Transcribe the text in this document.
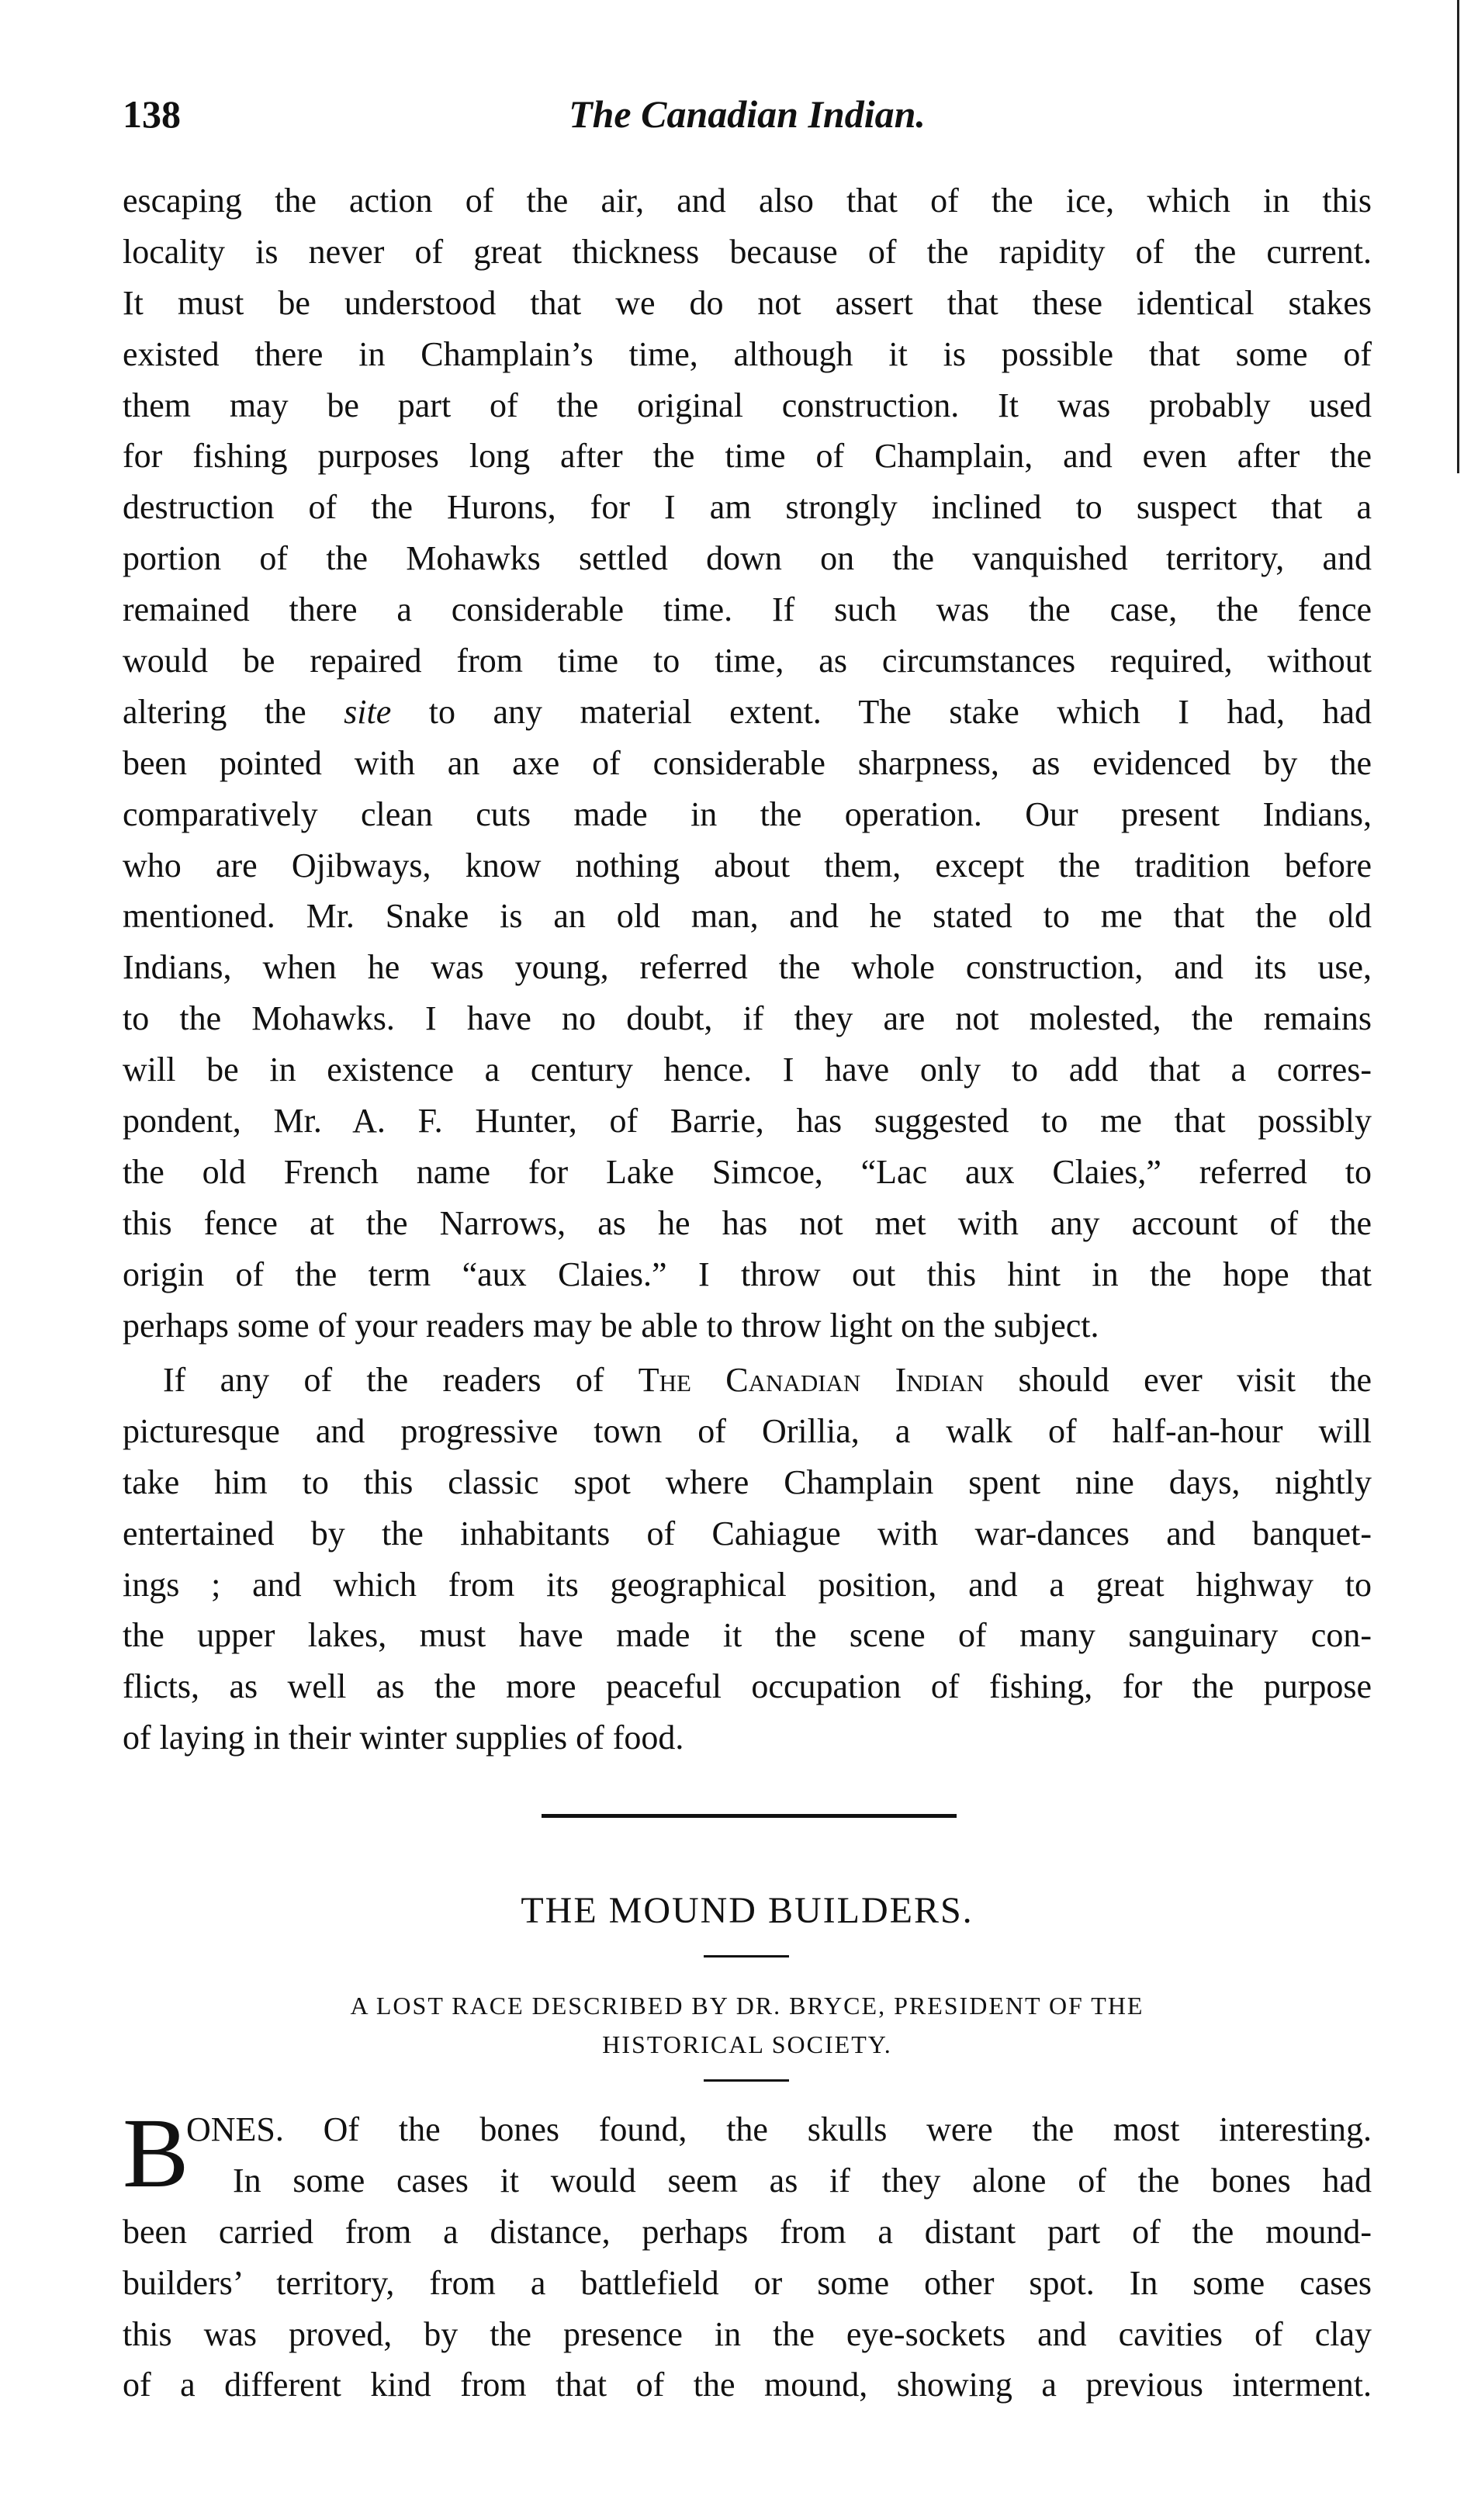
138	The Canadian Indian.
escaping the action of the air, and also that of the ice, which in this
locality is never of great thickness because of the rapidity of the current.
It must be understood that we do not assert that these identical stakes
existed there in Champlain’s time, although it is possible that some of
them may be part of the original construction. It was probably used
for fishing purposes long after the time of Champlain, and even after the
destruction of the Hurons, for I am strongly inclined to suspect that a
portion of the Mohawks settled down on the vanquished territory, and
remained there a considerable time. If such was the case, the fence
would be repaired from time to time, as circumstances required, without
altering the site to any material extent. The stake which I had, had
been pointed with an axe of considerable sharpness, as evidenced by the
comparatively clean cuts made in the operation. Our present Indians,
who are Ojibways, know nothing about them, except the tradition before
mentioned. Mr. Snake is an old man, and he stated to me that the old
Indians, when he was young, referred the whole construction, and its use,
to the Mohawks. I have no doubt, if they are not molested, the remains
will be in existence a century hence. I have only to add that a corres-
pondent, Mr. A. F. Hunter, of Barrie, has suggested to me that possibly
the old French name for Lake Simcoe, “Lac aux Claies,” referred to
this fence at the Narrows, as he has not met with any account of the
origin of the term “aux Claies.” I throw out this hint in the hope that
perhaps some of your readers may be able to throw light on the subject.
If any of the readers of The Canadian Indian should ever visit the
picturesque and progressive town of Orillia, a walk of half-an-hour will
take him to this classic spot where Champlain spent nine days, nightly
entertained by the inhabitants of Cahiague with war-dances and banquet-
ings ; and which from its geographical position, and a great highway to
the upper lakes, must have made it the scene of many sanguinary con-
flicts, as well as the more peaceful occupation of fishing, for the purpose
of laying in their winter supplies of food.
THE MOUND BUILDERS.
A LOST RACE DESCRIBED BY DR. BRYCE, PRESIDENT OF THE
HISTORICAL SOCIETY.
B
ONES. Of the bones found, the skulls were the most interesting.
In some cases it would seem as if they alone of the bones had
been carried from a distance, perhaps from a distant part of the mound-
builders’ territory, from a battlefield or some other spot. In some cases
this was proved, by the presence in the eye-sockets and cavities of clay
of a different kind from that of the mound, showing a previous interment.
